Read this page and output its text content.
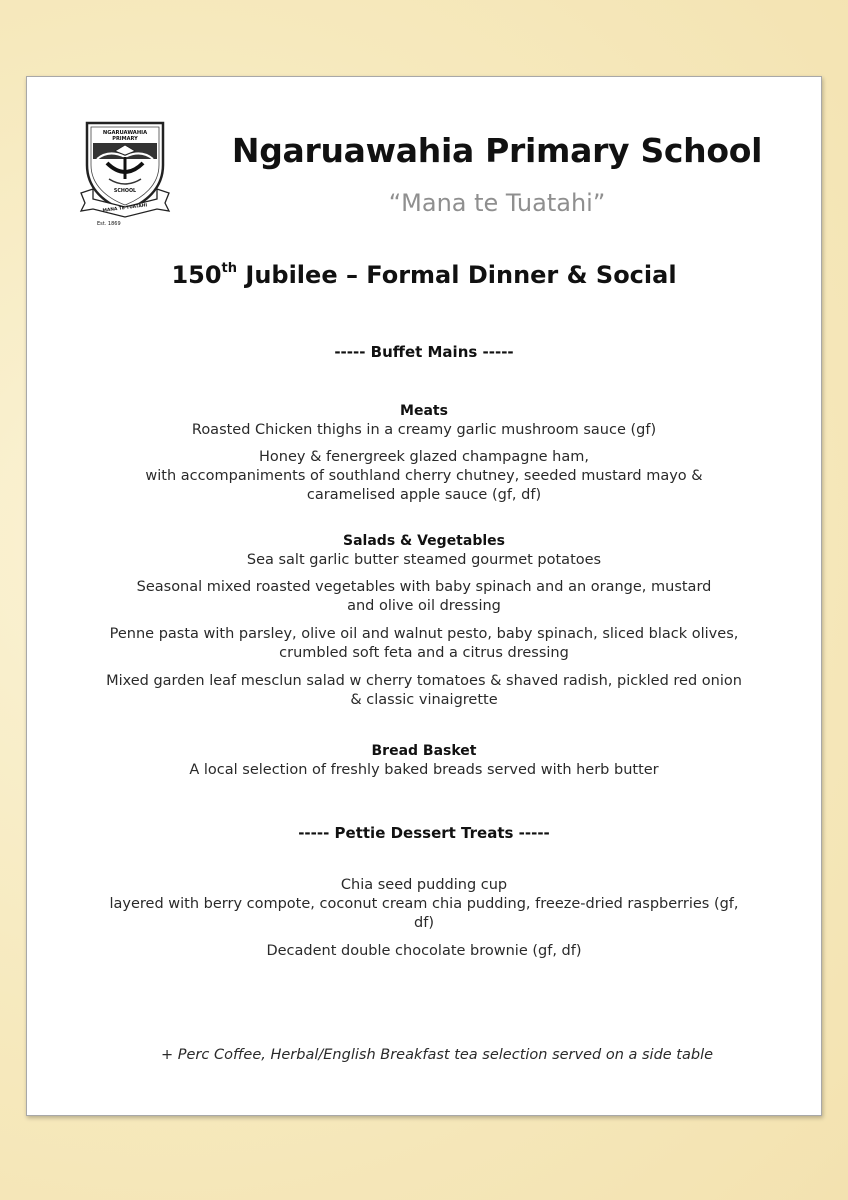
NGARUAWAHIA
PRIMARY
SCHOOL
MANA TE TUATAHI
Est. 1869
Ngaruawahia Primary School
“Mana te Tuatahi”
150th Jubilee – Formal Dinner & Social

----- Buffet Mains -----

Meats

Roasted Chicken thighs in a creamy garlic mushroom sauce (gf)

Honey & fenergreek glazed champagne ham,

with accompaniments of southland cherry chutney, seeded mustard mayo &

caramelised apple sauce (gf, df)

Salads & Vegetables

Sea salt garlic butter steamed gourmet potatoes

Seasonal mixed roasted vegetables with baby spinach and an orange, mustard

and olive oil dressing

Penne pasta with parsley, olive oil and walnut pesto, baby spinach, sliced black olives,

crumbled soft feta and a citrus dressing

Mixed garden leaf mesclun salad w cherry tomatoes & shaved radish, pickled red onion

& classic vinaigrette

Bread Basket

A local selection of freshly baked breads served with herb butter

----- Pettie Dessert Treats -----

Chia seed pudding cup

layered with berry compote, coconut cream chia pudding, freeze-dried raspberries (gf,

df)

Decadent double chocolate brownie (gf, df)

+ Perc Coffee, Herbal/English Breakfast tea selection served on a side table
